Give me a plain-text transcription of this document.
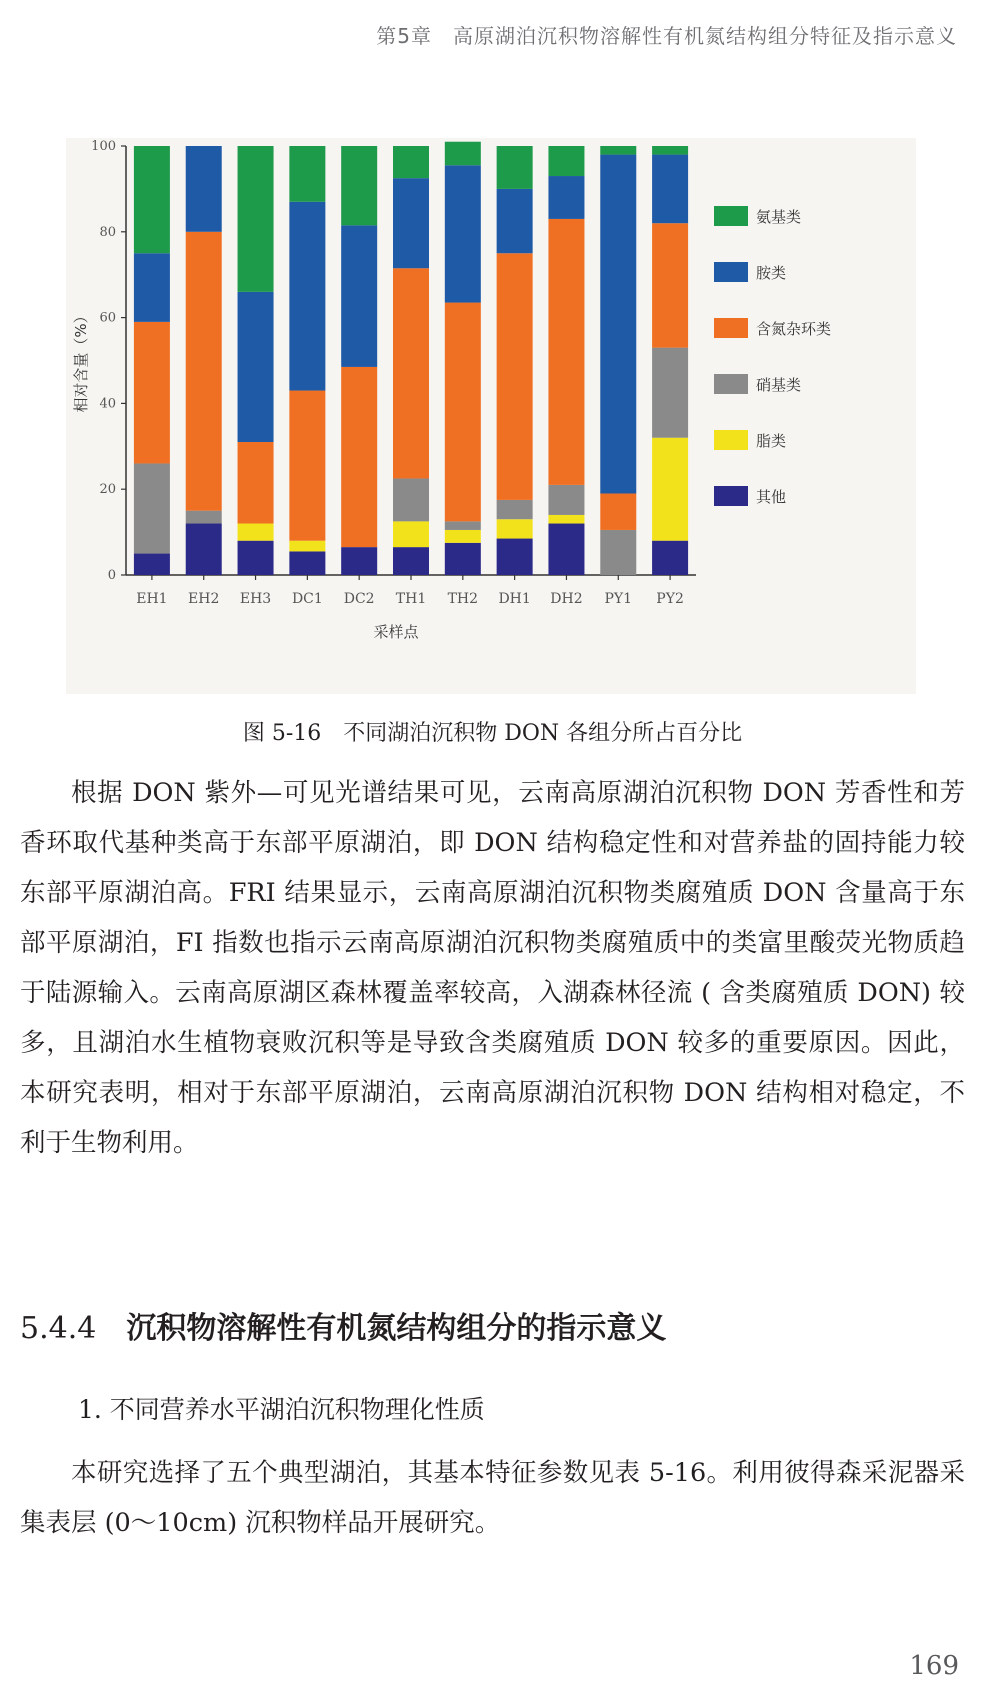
第5章　高原湖泊沉积物溶解性有机氮结构组分特征及指示意义
0
20
40
60
80
100
EH1 EH2 EH3 DC1 DC2 TH1 TH2 DH1 DH2 PY1 PY2
采样点
相对含量（%）
氨基类
胺类
含氮杂环类
硝基类
脂类
其他
图 5-16　不同湖泊沉积物 DON 各组分所占百分比

根据 DON 紫外—可见光谱结果可见，云南高原湖泊沉积物 DON 芳香性和芳香环取代基种类高于东部平原湖泊，即 DON 结构稳定性和对营养盐的固持能力较东部平原湖泊高。FRI 结果显示，云南高原湖泊沉积物类腐殖质 DON 含量高于东部平原湖泊，FI 指数也指示云南高原湖泊沉积物类腐殖质中的类富里酸荧光物质趋于陆源输入。云南高原湖区森林覆盖率较高，入湖森林径流 ( 含类腐殖质 DON) 较多，且湖泊水生植物衰败沉积等是导致含类腐殖质 DON 较多的重要原因。因此，本研究表明，相对于东部平原湖泊，云南高原湖泊沉积物 DON 结构相对稳定，不利于生物利用。

5.4.4 沉积物溶解性有机氮结构组分的指示意义

1. 不同营养水平湖泊沉积物理化性质

本研究选择了五个典型湖泊，其基本特征参数见表 5-16。利用彼得森采泥器采集表层 (0～10cm) 沉积物样品开展研究。

169
